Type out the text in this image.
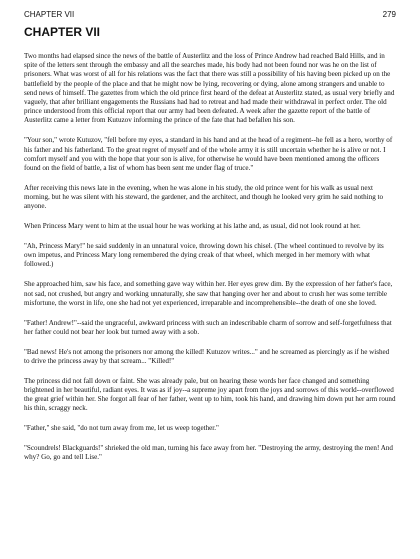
CHAPTER VII	279
CHAPTER VII

Two months had elapsed since the news of the battle of Austerlitz and the loss of Prince Andrew had reached Bald Hills, and in spite of the letters sent through the embassy and all the searches made, his body had not been found nor was he on the list of prisoners. What was worst of all for his relations was the fact that there was still a possibility of his having been picked up on the battlefield by the people of the place and that he might now be lying, recovering or dying, alone among strangers and unable to send news of himself. The gazettes from which the old prince first heard of the defeat at Austerlitz stated, as usual very briefly and vaguely, that after brilliant engagements the Russians had had to retreat and had made their withdrawal in perfect order. The old prince understood from this official report that our army had been defeated. A week after the gazette report of the battle of Austerlitz came a letter from Kutuzov informing the prince of the fate that had befallen his son.

"Your son," wrote Kutuzov, "fell before my eyes, a standard in his hand and at the head of a regiment--he fell as a hero, worthy of his father and his fatherland. To the great regret of myself and of the whole army it is still uncertain whether he is alive or not. I comfort myself and you with the hope that your son is alive, for otherwise he would have been mentioned among the officers found on the field of battle, a list of whom has been sent me under flag of truce."

After receiving this news late in the evening, when he was alone in his study, the old prince went for his walk as usual next morning, but he was silent with his steward, the gardener, and the architect, and though he looked very grim he said nothing to anyone.

When Princess Mary went to him at the usual hour he was working at his lathe and, as usual, did not look round at her.

"Ah, Princess Mary!" he said suddenly in an unnatural voice, throwing down his chisel. (The wheel continued to revolve by its own impetus, and Princess Mary long remembered the dying creak of that wheel, which merged in her memory with what followed.)

She approached him, saw his face, and something gave way within her. Her eyes grew dim. By the expression of her father's face, not sad, not crushed, but angry and working unnaturally, she saw that hanging over her and about to crush her was some terrible misfortune, the worst in life, one she had not yet experienced, irreparable and incomprehensible--the death of one she loved.

"Father! Andrew!"--said the ungraceful, awkward princess with such an indescribable charm of sorrow and self-forgetfulness that her father could not bear her look but turned away with a sob.

"Bad news! He's not among the prisoners nor among the killed! Kutuzov writes..." and he screamed as piercingly as if he wished to drive the princess away by that scream... "Killed!"

The princess did not fall down or faint. She was already pale, but on hearing these words her face changed and something brightened in her beautiful, radiant eyes. It was as if joy--a supreme joy apart from the joys and sorrows of this world--overflowed the great grief within her. She forgot all fear of her father, went up to him, took his hand, and drawing him down put her arm round his thin, scraggy neck.

"Father," she said, "do not turn away from me, let us weep together."

"Scoundrels! Blackguards!" shrieked the old man, turning his face away from her. "Destroying the army, destroying the men! And why? Go, go and tell Lise."
